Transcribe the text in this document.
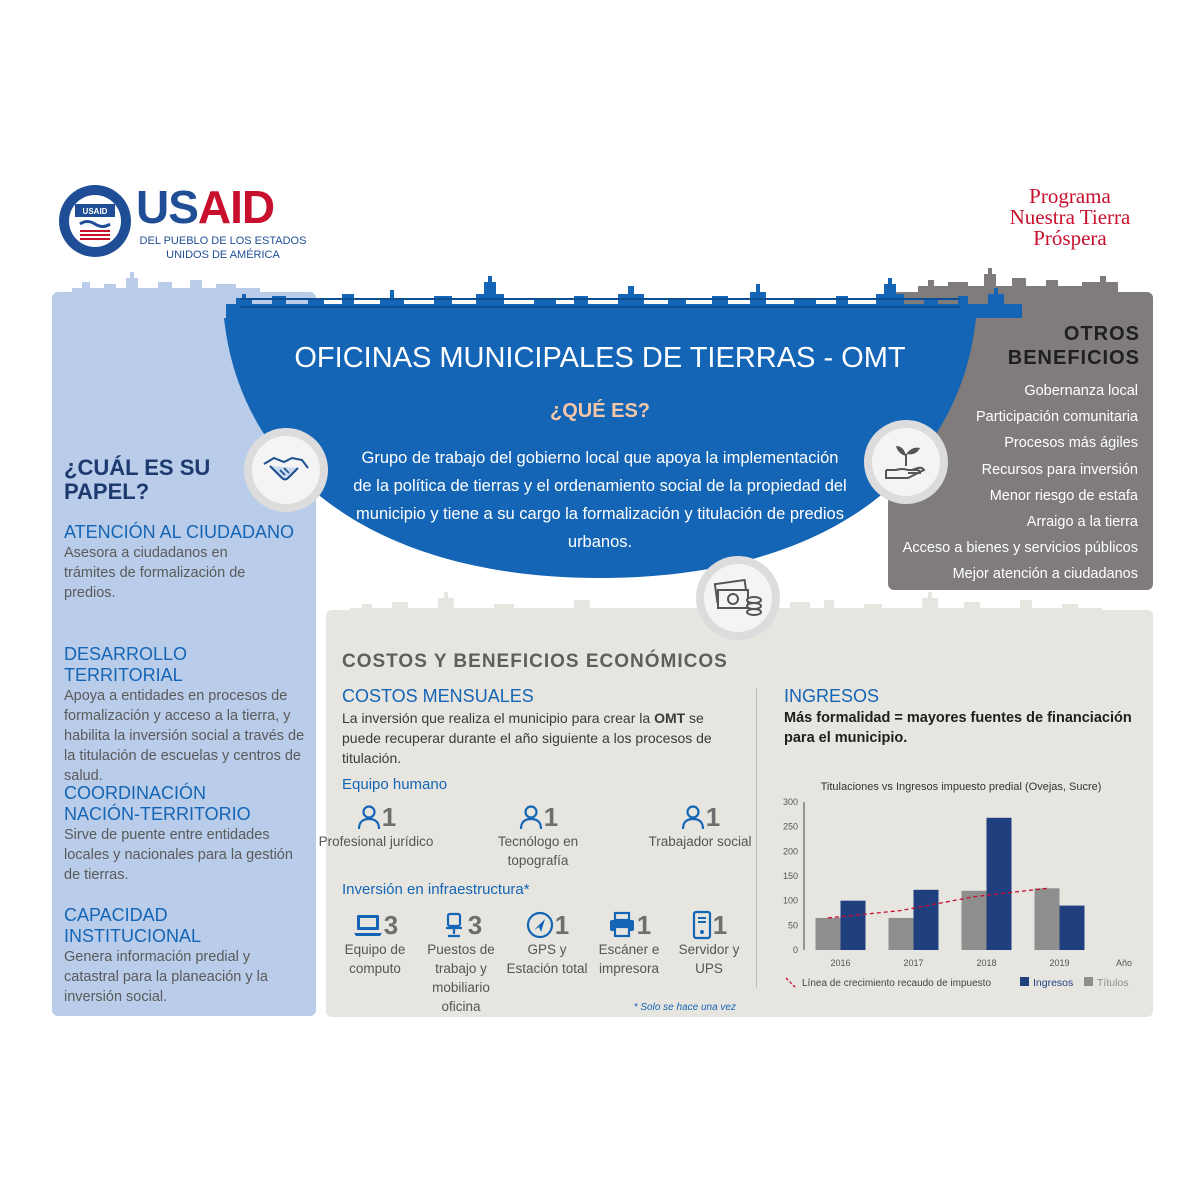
USAID USAID
DEL PUEBLO DE LOS ESTADOS UNIDOS DE AMÉRICA
Programa
Nuestra Tierra
Próspera
OFICINAS MUNICIPALES DE TIERRAS - OMT
¿QUÉ ES?
Grupo de trabajo del gobierno local que apoya la implementación de la política de tierras y el ordenamiento social de la propiedad del municipio y tiene a su cargo la formalización y titulación de predios urbanos.
¿CUÁL ES SU PAPEL?
ATENCIÓN AL CIUDADANO
Asesora a ciudadanos en trámites de formalización de predios.
DESARROLLO TERRITORIAL
Apoya a entidades en procesos de formalización y acceso a la tierra, y habilita la inversión social a través de la titulación de escuelas y centros de salud.
COORDINACIÓN NACIÓN-TERRITORIO
Sirve de puente entre entidades locales y nacionales para la gestión de tierras.
CAPACIDAD INSTITUCIONAL
Genera información predial y catastral para la planeación y la inversión social.
OTROS BENEFICIOS
Gobernanza local
Participación comunitaria
Procesos más ágiles
Recursos para inversión
Menor riesgo de estafa
Arraigo a la tierra
Acceso a bienes y servicios públicos
Mejor atención a ciudadanos
COSTOS Y BENEFICIOS ECONÓMICOS
COSTOS MENSUALES
La inversión que realiza el municipio para crear la OMT se puede recuperar durante el año siguiente a los procesos de titulación.
Equipo humano
1
Profesional jurídico
1
Tecnólogo en topografía
1
Trabajador social
Inversión en infraestructura*
3
Equipo de computo
3
Puestos de trabajo y mobiliario oficina
1
GPS y Estación total
1
Escáner e impresora
1
Servidor y UPS
* Solo se hace una vez
INGRESOS
Más formalidad = mayores fuentes de financiación para el municipio.
Titulaciones vs Ingresos impuesto predial (Ovejas, Sucre)
0
50
100
150
200
250
300
2016	2017	2018	2019	Año
Línea de crecimiento recaudo de impuesto	Ingresos Títulos
